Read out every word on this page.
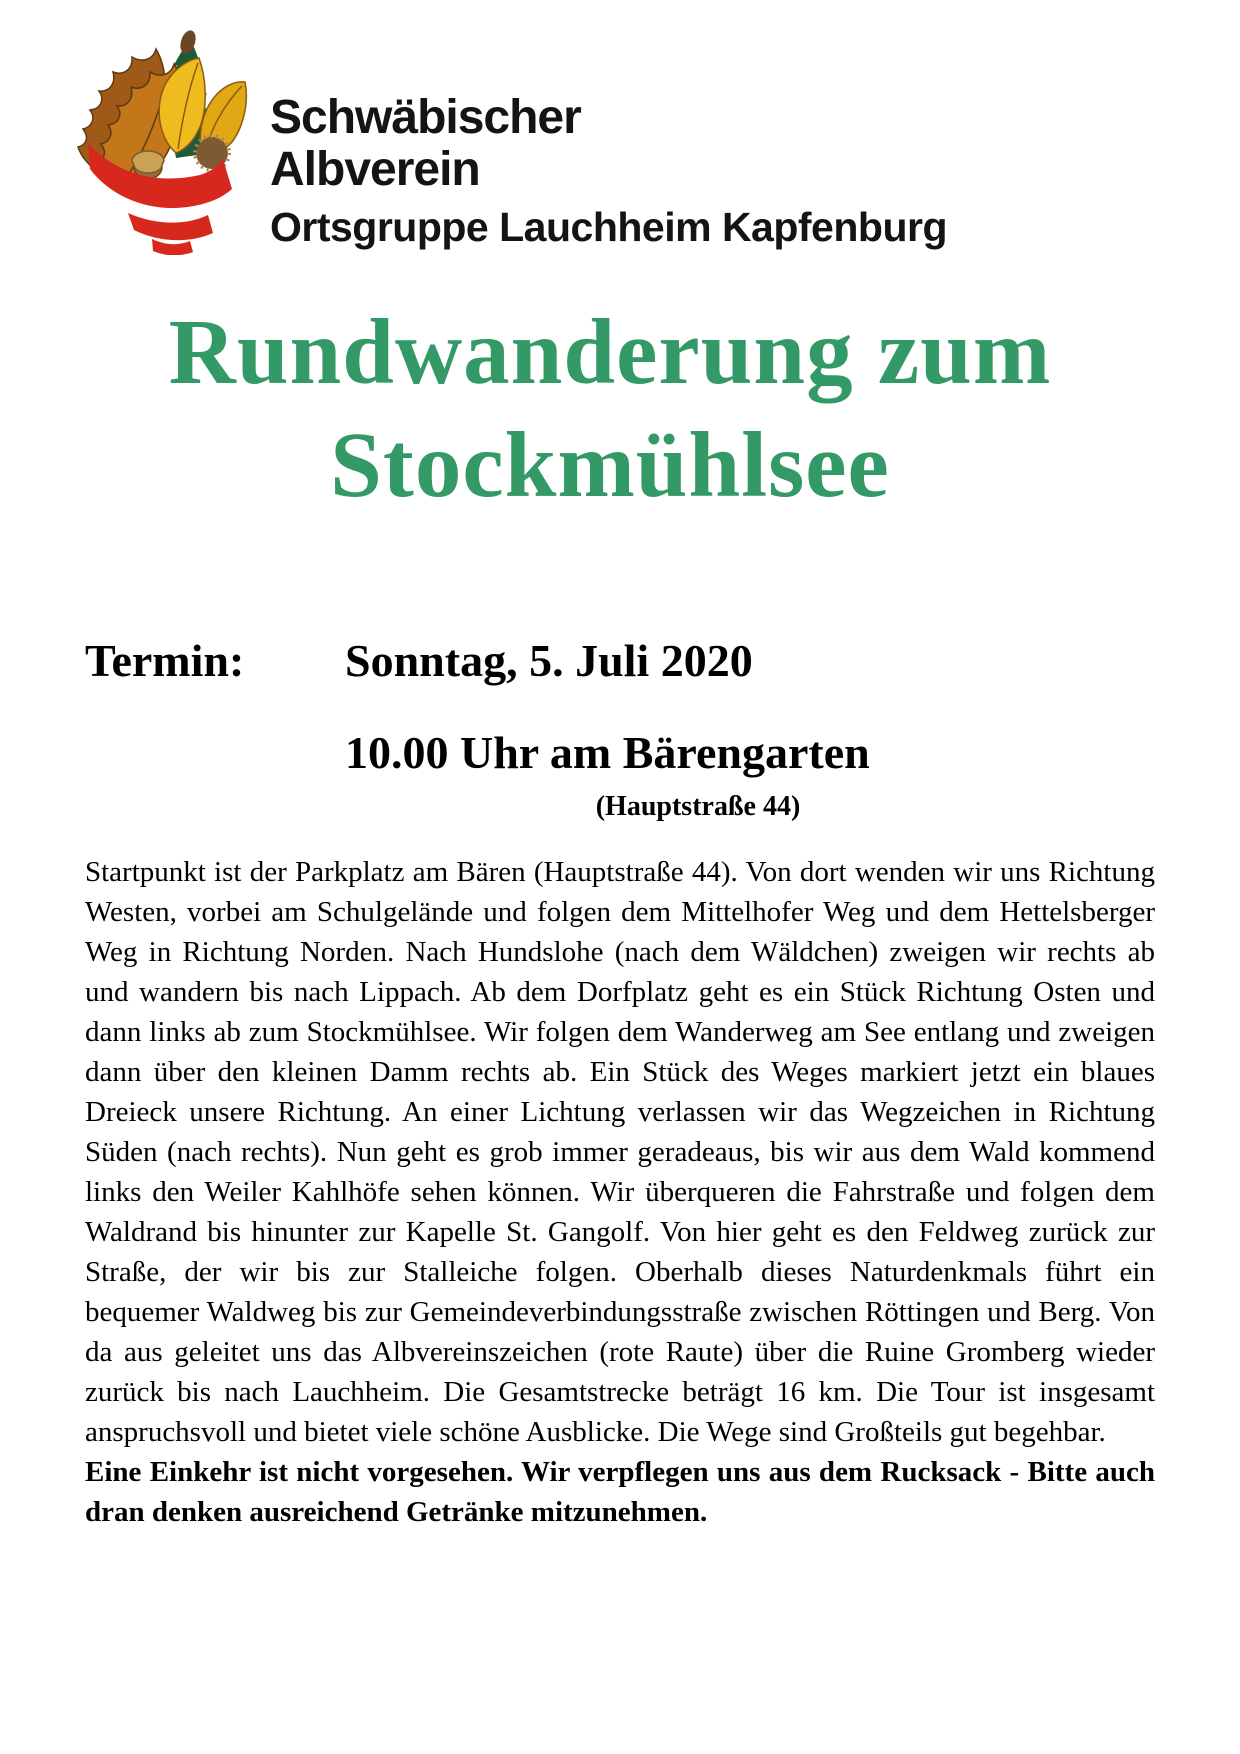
Schwäbischer
Albverein
Ortsgruppe Lauchheim Kapfenburg
Rundwanderung zum
Stockmühlsee
Termin: Sonntag, 5. Juli 2020
10.00 Uhr am Bärengarten
(Hauptstraße 44)

Startpunkt ist der Parkplatz am Bären (Hauptstraße 44). Von dort wenden wir uns Richtung Westen, vorbei am Schulgelände und folgen dem Mittelhofer Weg und dem Hettelsberger Weg in Richtung Norden. Nach Hundslohe (nach dem Wäldchen) zweigen wir rechts ab und wandern bis nach Lippach. Ab dem Dorfplatz geht es ein Stück Richtung Osten und dann links ab zum Stockmühlsee. Wir folgen dem Wanderweg am See entlang und zweigen dann über den kleinen Damm rechts ab. Ein Stück des Weges markiert jetzt ein blaues Dreieck unsere Richtung. An einer Lichtung verlassen wir das Wegzeichen in Richtung Süden (nach rechts). Nun geht es grob immer geradeaus, bis wir aus dem Wald kommend links den Weiler Kahlhöfe sehen können. Wir überqueren die Fahrstraße und folgen dem Waldrand bis hinunter zur Kapelle St. Gangolf. Von hier geht es den Feldweg zurück zur Straße, der wir bis zur Stalleiche folgen. Oberhalb dieses Naturdenkmals führt ein bequemer Waldweg bis zur Gemeindeverbindungsstraße zwischen Röttingen und Berg. Von da aus geleitet uns das Albvereinszeichen (rote Raute) über die Ruine Gromberg wieder zurück bis nach Lauchheim. Die Gesamtstrecke beträgt 16 km. Die Tour ist insgesamt anspruchsvoll und bietet viele schöne Ausblicke. Die Wege sind Großteils gut begehbar.

Eine Einkehr ist nicht vorgesehen. Wir verpflegen uns aus dem Rucksack - Bitte auch dran denken ausreichend Getränke mitzunehmen.
